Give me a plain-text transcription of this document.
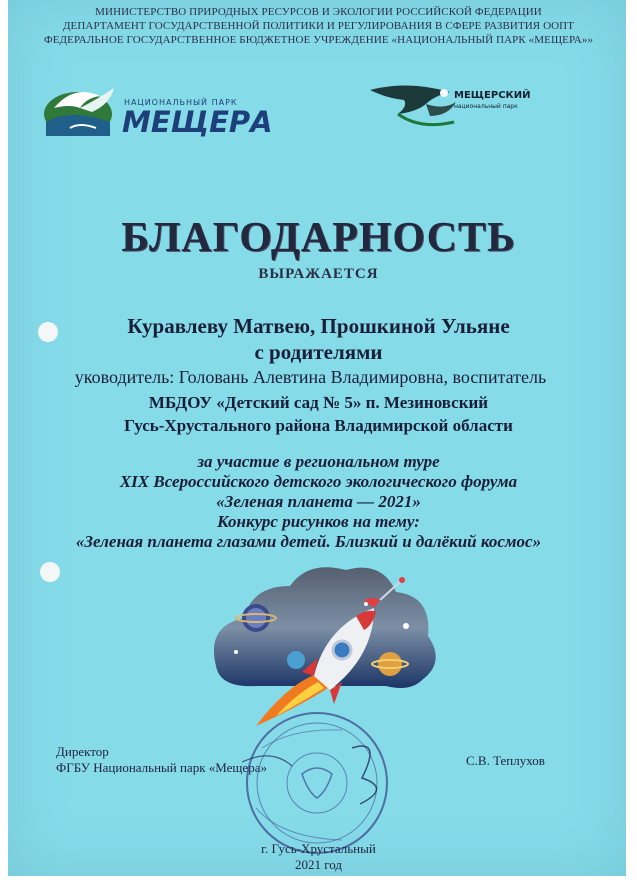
МИНИСТЕРСТВО ПРИРОДНЫХ РЕСУРСОВ И ЭКОЛОГИИ РОССИЙСКОЙ ФЕДЕРАЦИИ
ДЕПАРТАМЕНТ ГОСУДАРСТВЕННОЙ ПОЛИТИКИ И РЕГУЛИРОВАНИЯ В СФЕРЕ РАЗВИТИЯ ООПТ
ФЕДЕРАЛЬНОЕ ГОСУДАРСТВЕННОЕ БЮДЖЕТНОЕ УЧРЕЖДЕНИЕ «НАЦИОНАЛЬНЫЙ ПАРК «МЕЩЕРА»»
НАЦИОНАЛЬНЫЙ ПАРК
МЕЩЕРА
МЕЩЕРСКИЙ
национальный парк
БЛАГОДАРНОСТЬ
ВЫРАЖАЕТСЯ
Куравлеву Матвею, Прошкиной Ульяне
с родителями
уководитель: Головань Алевтина Владимировна, воспитатель
МБДОУ «Детский сад № 5» п. Мезиновский
Гусь-Хрустального района Владимирской области
за участие в региональном туре
XIX Всероссийского детского экологического форума
«Зеленая планета — 2021»
Конкурс рисунков на тему:
«Зеленая планета глазами детей. Близкий и далёкий космос»
Директор
ФГБУ Национальный парк «Мещера»	С.В. Теплухов
г. Гусь-Хрустальный
2021 год
